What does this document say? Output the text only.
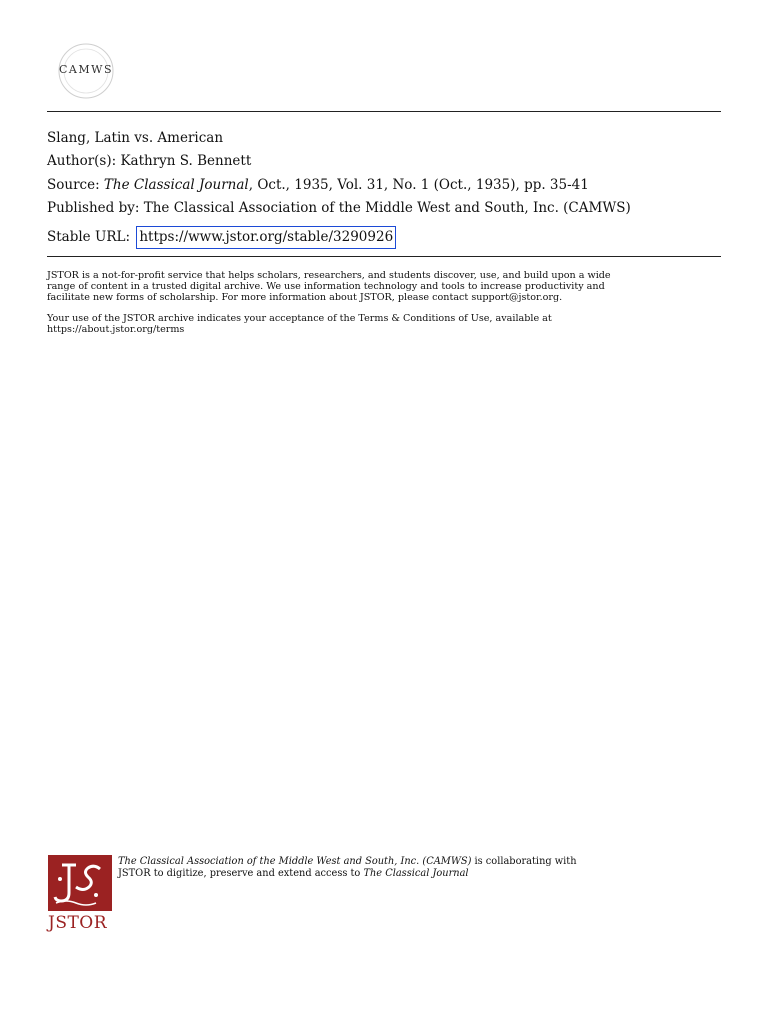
CAMWS
Slang, Latin vs. American
Author(s): Kathryn S. Bennett
Source: The Classical Journal, Oct., 1935, Vol. 31, No. 1 (Oct., 1935), pp. 35-41
Published by: The Classical Association of the Middle West and South, Inc. (CAMWS)
Stable URL: https://www.jstor.org/stable/3290926

JSTOR is a not-for-profit service that helps scholars, researchers, and students discover, use, and build upon a wide
range of content in a trusted digital archive. We use information technology and tools to increase productivity and
facilitate new forms of scholarship. For more information about JSTOR, please contact support@jstor.org.

Your use of the JSTOR archive indicates your acceptance of the Terms & Conditions of Use, available at
https://about.jstor.org/terms

JSTOR
The Classical Association of the Middle West and South, Inc. (CAMWS) is collaborating with
JSTOR to digitize, preserve and extend access to The Classical Journal
